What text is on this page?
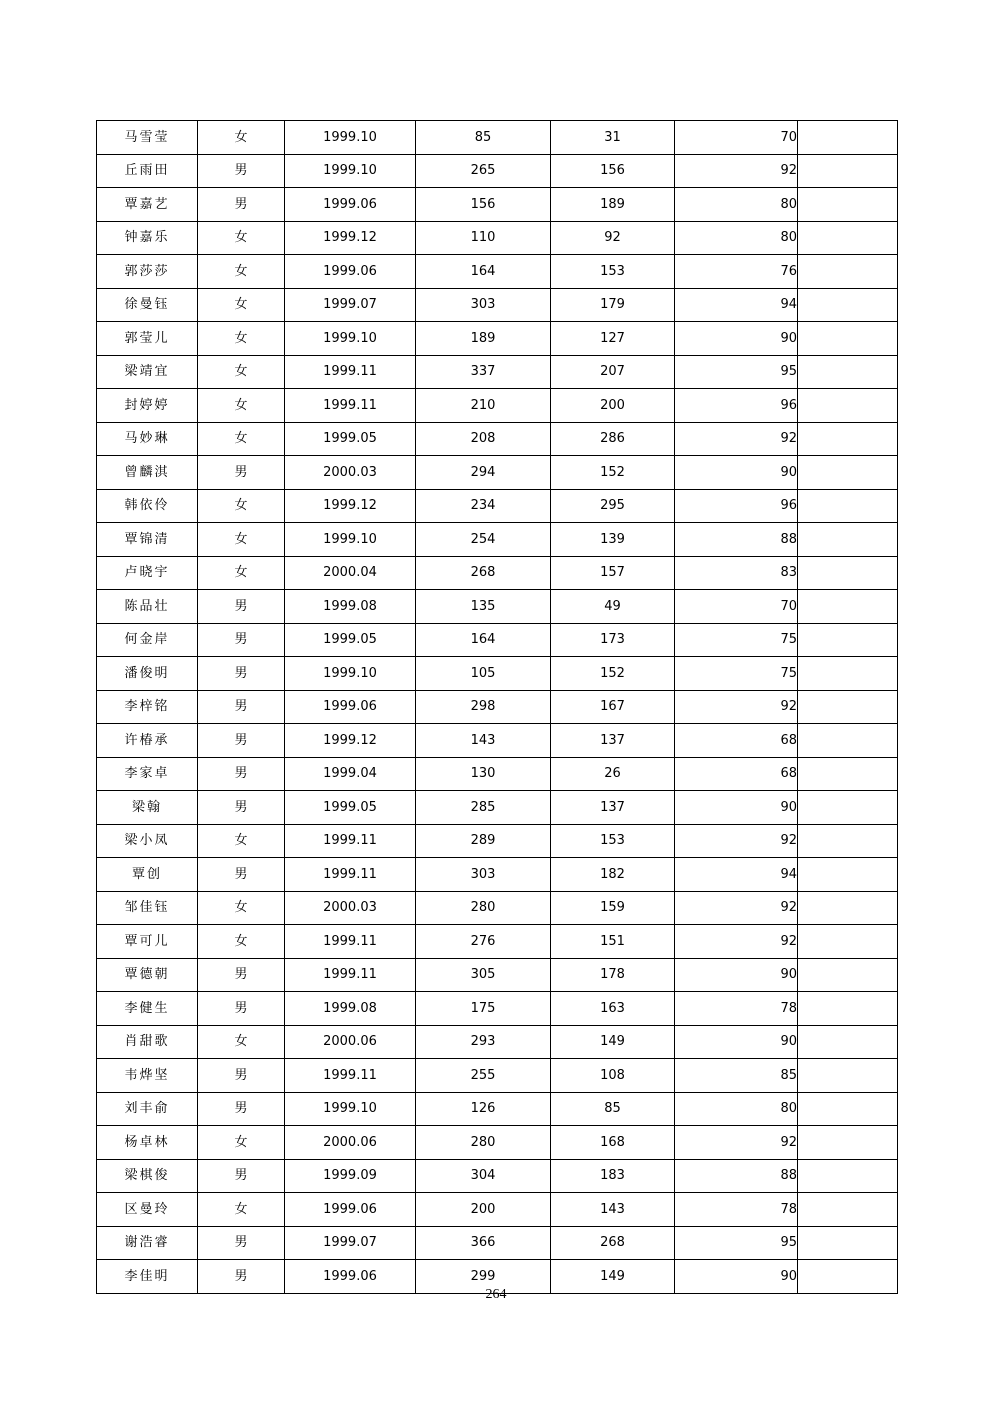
马雪莹	女	1999.10	85	31	70	
丘雨田	男	1999.10	265	156	92	
覃嘉艺	男	1999.06	156	189	80	
钟嘉乐	女	1999.12	110	92	80	
郭莎莎	女	1999.06	164	153	76	
徐曼钰	女	1999.07	303	179	94	
郭莹儿	女	1999.10	189	127	90	
梁靖宜	女	1999.11	337	207	95	
封婷婷	女	1999.11	210	200	96	
马妙琳	女	1999.05	208	286	92	
曾麟淇	男	2000.03	294	152	90	
韩依伶	女	1999.12	234	295	96	
覃锦清	女	1999.10	254	139	88	
卢晓宇	女	2000.04	268	157	83	
陈品壮	男	1999.08	135	49	70	
何金岸	男	1999.05	164	173	75	
潘俊明	男	1999.10	105	152	75	
李梓铭	男	1999.06	298	167	92	
许椿承	男	1999.12	143	137	68	
李家卓	男	1999.04	130	26	68	
梁翰	男	1999.05	285	137	90	
梁小凤	女	1999.11	289	153	92	
覃创	男	1999.11	303	182	94	
邹佳钰	女	2000.03	280	159	92	
覃可儿	女	1999.11	276	151	92	
覃德朝	男	1999.11	305	178	90	
李健生	男	1999.08	175	163	78	
肖甜歌	女	2000.06	293	149	90	
韦烨坚	男	1999.11	255	108	85	
刘丰俞	男	1999.10	126	85	80	
杨卓林	女	2000.06	280	168	92	
梁棋俊	男	1999.09	304	183	88	
区曼玲	女	1999.06	200	143	78	
谢浩睿	男	1999.07	366	268	95	
李佳明	男	1999.06	299	149	90	
264
